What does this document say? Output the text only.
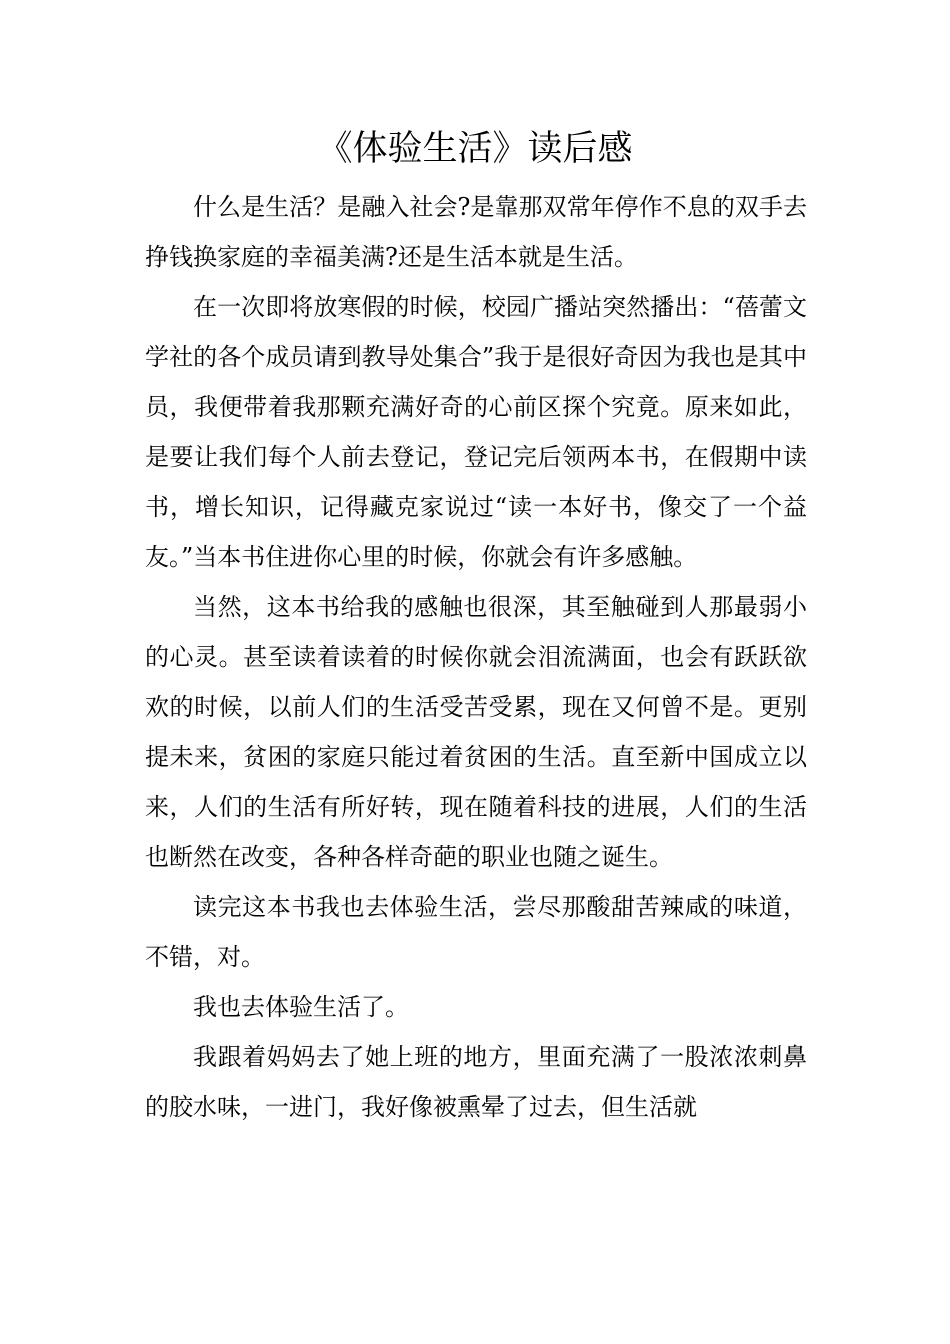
《体验生活》读后感

什么是生活？是融入社会?是靠那双常年停作不息的双手去挣钱换家庭的幸福美满?还是生活本就是生活。

在一次即将放寒假的时候，校园广播站突然播出：“蓓蕾文学社的各个成员请到教导处集合”我于是很好奇因为我也是其中员，我便带着我那颗充满好奇的心前区探个究竟。原来如此，是要让我们每个人前去登记，登记完后领两本书，在假期中读书，增长知识，记得藏克家说过“读一本好书，像交了一个益友。”当本书住进你心里的时候，你就会有许多感触。

当然，这本书给我的感触也很深，其至触碰到人那最弱小的心灵。甚至读着读着的时候你就会泪流满面，也会有跃跃欲欢的时候，以前人们的生活受苦受累，现在又何曾不是。更别提未来，贫困的家庭只能过着贫困的生活。直至新中国成立以来，人们的生活有所好转，现在随着科技的进展，人们的生活也断然在改变，各种各样奇葩的职业也随之诞生。

读完这本书我也去体验生活，尝尽那酸甜苦辣咸的味道，不错，对。

我也去体验生活了。

我跟着妈妈去了她上班的地方，里面充满了一股浓浓刺鼻的胶水味，一进门，我好像被熏晕了过去，但生活就
